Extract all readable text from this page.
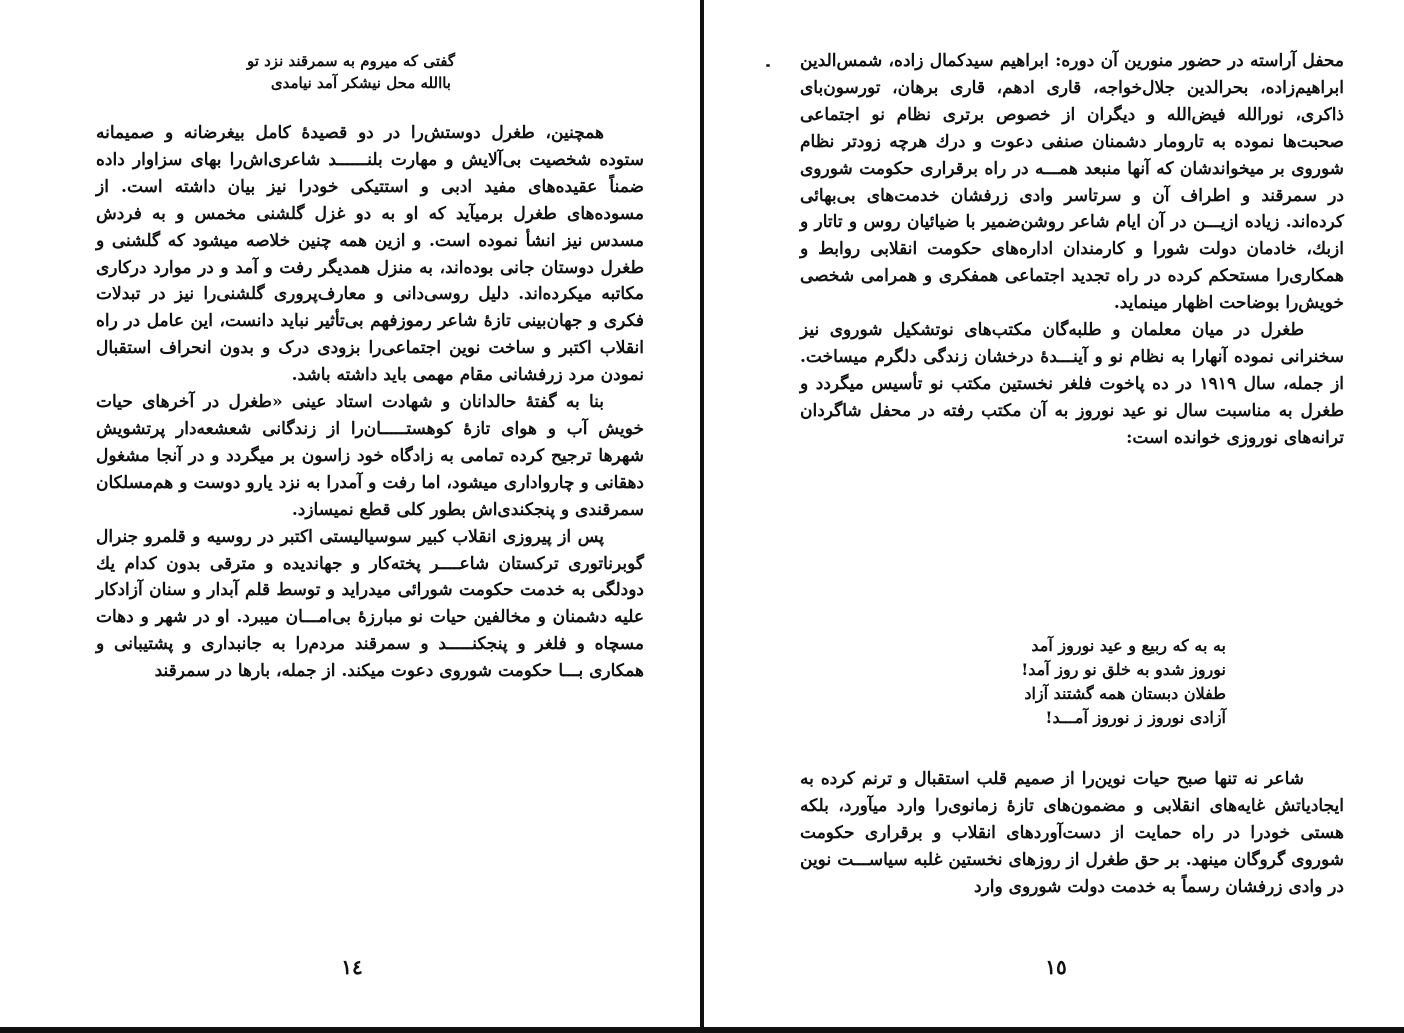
گفتی که میروم به سمرقند نزد تو
باالله محل نیشکر آمد نیامدی

همچنین، طغرل دوستش‌را در دو قصیدهٔ کامل بیغرضانه و صمیمانه ستوده شخصیت بی‌آلایش و مهارت بلنــــــد شاعری‌اش‌را بهای سزاوار داده ضمناً عقیده‌های مفید ادبی و استتیکی خودرا نیز بیان داشته است. از مسوده‌های طغرل برمیآید که او به دو غزل گلشنی مخمس و به فردش مسدس نیز انشأ نموده است. و ازین همه چنین خلاصه میشود که گلشنی و طغرل دوستان جانی بوده‌اند، به منزل همدیگر رفت و آمد و در موارد درکاری مکاتبه میکرده‌اند. دلیل روسی‌دانی و معارف‌پروری گلشنی‌را نیز در تبدلات فکری و جهان‌بینی تازهٔ شاعر رموزفهم بی‌تأثیر نباید دانست، این عامل در راه انقلاب اکتبر و ساخت نوین اجتماعی‌را بزودی درک و بدون انحراف استقبال نمودن مرد زرفشانی مقام مهمی باید داشته باشد.

بنا به گفتهٔ حالدانان و شهادت استاد عینی «طغرل در آخرهای حیات خویش آب و هوای تازهٔ کوهستـــــان‌را از زندگانی شعشعه‌دار پرتشویش شهرها ترجیح کرده تمامی به زادگاه خود زاسون بر میگردد و در آنجا مشغول دهقانی و چارواداری میشود، اما رفت و آمدرا به نزد یارو دوست و هم‌مسلکان سمرقندی و پنجکندی‌اش بطور کلی قطع نمیسازد.

پس از پیروزی انقلاب کبیر سوسیالیستی اکتبر در روسیه و قلمرو جنرال گوبرناتوری ترکستان شاعــــر پخته‌کار و جهاندیده و مترقی بدون کدام یك دودلگی به خدمت حکومت شورائی میدراید و توسط قلم آبدار و سنان آزادکار علیه دشمنان و مخالفین حیات نو مبارزهٔ بی‌امـــان میبرد. او در شهر و دهات مسچاه و فلغر و پنجکنـــــد و سمرقند مردم‌را به جانبداری و پشتیبانی و همکاری بـــا حکومت شوروی دعوت میکند. از جمله، بارها در سمرقند

١٤

محفل آراسته در حضور منورین آن دوره: ابراهیم سیدکمال زاده، شمس‌الدین ابراهیم‌زاده، بحرالدین جلال‌خواجه، قاری ادهم، قاری برهان، تورسون‌بای ذاکری، نورالله فیض‌الله و دیگران از خصوص برتری نظام نو اجتماعی صحبت‌ها نموده به تارومار دشمنان صنفی دعوت و درك هرچه زودتر نظام شوروی بر میخواندشان که آنها منبعد همـــه در راه برقراری حکومت شوروی در سمرقند و اطراف آن و سرتاسر وادی زرفشان خدمت‌های بی‌بهائی کرده‌اند. زیاده ازیـــن در آن ایام شاعر روشن‌ضمیر با ضیائیان روس و تاتار و ازبك، خادمان دولت شورا و کارمندان اداره‌های حکومت انقلابی روابط و همکاری‌را مستحکم کرده در راه تجدید اجتماعی همفکری و همرامی شخصی خویش‌را بوضاحت اظهار مینماید.

طغرل در میان معلمان و طلبه‌گان مکتب‌های نوتشکیل شوروی نیز سخنرانی نموده آنهارا به نظام نو و آینـــدهٔ درخشان زندگی دلگرم میساخت. از جمله، سال ١٩١٩ در ده پاخوت فلغر نخستین مکتب نو تأسیس میگردد و طغرل به مناسبت سال نو عید نوروز به آن مکتب رفته در محفل شاگردان ترانه‌های نوروزی خوانده است:

به به که ربیع و عید نوروز آمد
نوروز شدو به خلق نو روز آمد!
طفلان دبستان همه گشتند آزاد
آزادی نوروز ز نوروز آمـــد!

شاعر نه تنها صبح حیات نوین‌را از صمیم قلب استقبال و ترنم کرده به ایجادیاتش غایه‌های انقلابی و مضمون‌های تازهٔ زمانوی‌را وارد میآورد، بلکه هستی خودرا در راه حمایت از دست‌آوردهای انقلاب و برقراری حکومت شوروی گروگان مینهد. بر حق طغرل از روزهای نخستین غلبه سیاســـت نوین در وادی زرفشان رسماً به خدمت دولت شوروی وارد

١٥
